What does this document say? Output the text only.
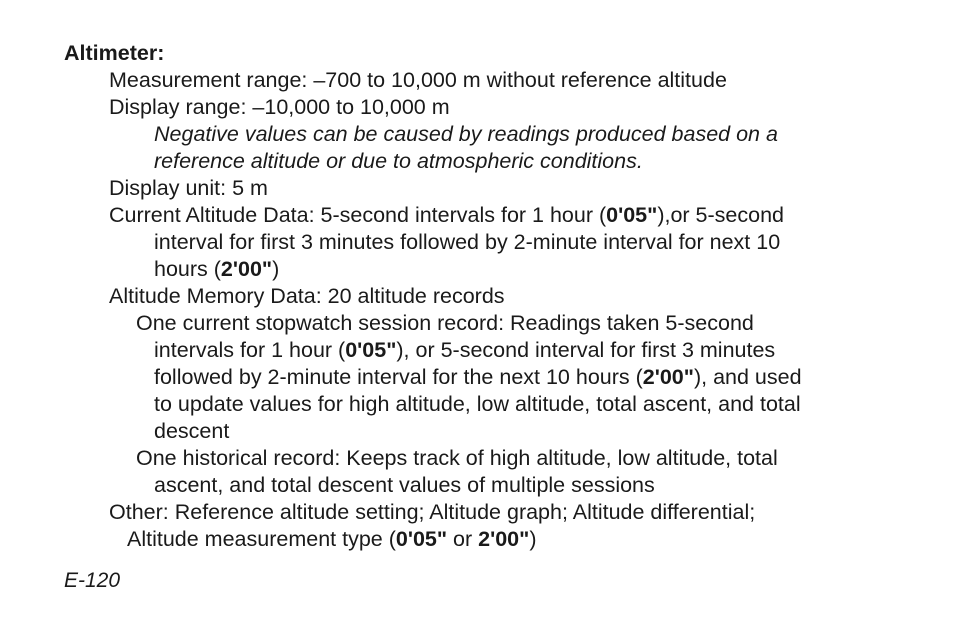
Altimeter:
Measurement range: –700 to 10,000 m without reference altitude
Display range: –10,000 to 10,000 m
Negative values can be caused by readings produced based on a
reference altitude or due to atmospheric conditions.
Display unit: 5 m
Current Altitude Data: 5-second intervals for 1 hour (0'05"),or 5-second
interval for first 3 minutes followed by 2-minute interval for next 10
hours (2'00")
Altitude Memory Data: 20 altitude records
One current stopwatch session record: Readings taken 5-second
intervals for 1 hour (0'05"), or 5-second interval for first 3 minutes
followed by 2-minute interval for the next 10 hours (2'00"), and used
to update values for high altitude, low altitude, total ascent, and total
descent
One historical record: Keeps track of high altitude, low altitude, total
ascent, and total descent values of multiple sessions
Other: Reference altitude setting; Altitude graph; Altitude differential;
Altitude measurement type (0'05" or 2'00")
E-120
